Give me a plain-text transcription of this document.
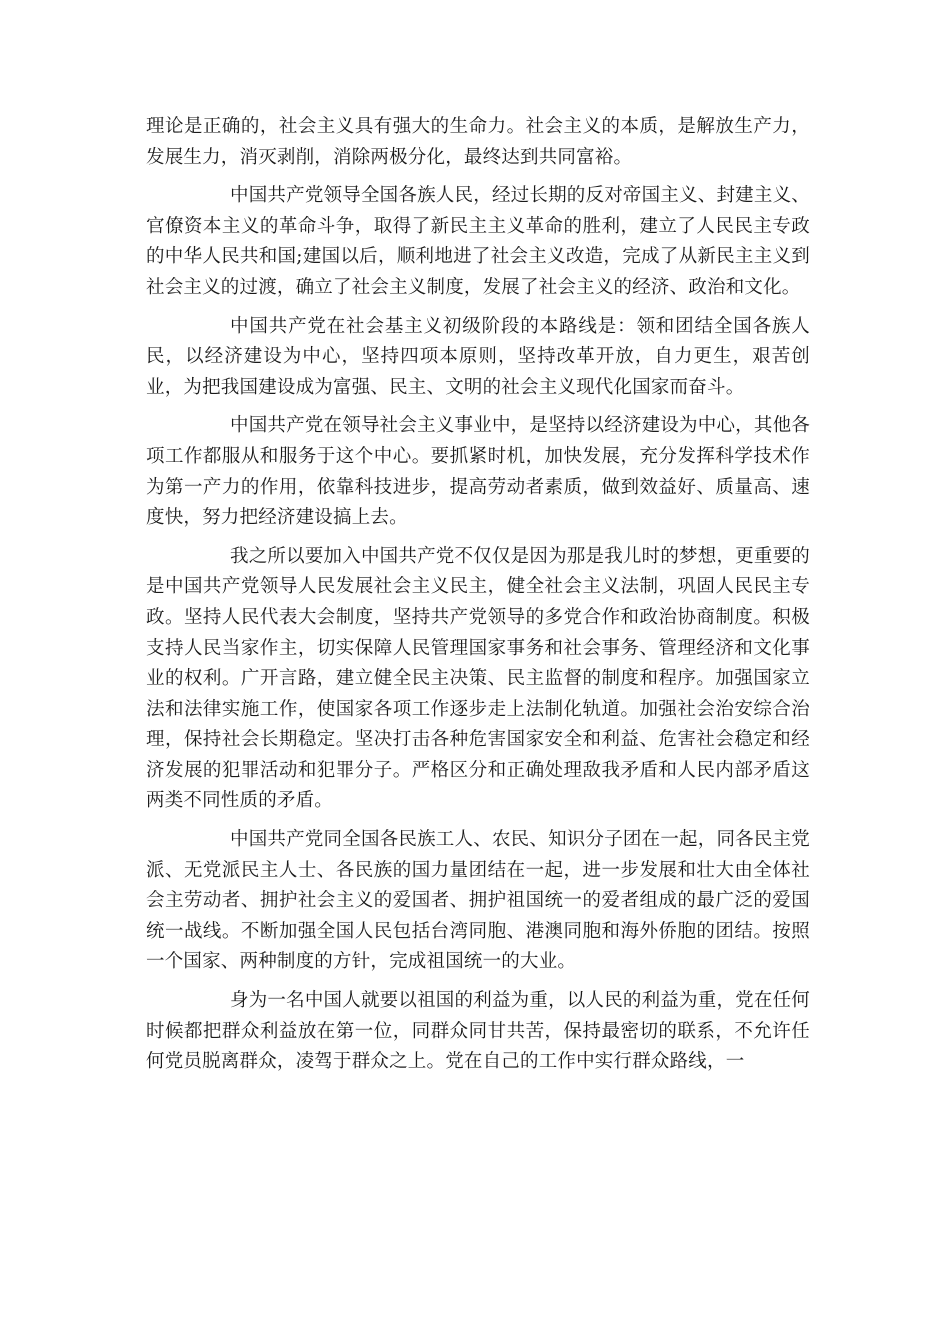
理论是正确的，社会主义具有强大的生命力。社会主义的本质，是解放生产力，发展生力，消灭剥削，消除两极分化，最终达到共同富裕。

中国共产党领导全国各族人民，经过长期的反对帝国主义、封建主义、官僚资本主义的革命斗争，取得了新民主主义革命的胜利，建立了人民民主专政的中华人民共和国;建国以后，顺利地进了社会主义改造，完成了从新民主主义到社会主义的过渡，确立了社会主义制度，发展了社会主义的经济、政治和文化。

中国共产党在社会基主义初级阶段的本路线是：领和团结全国各族人民，以经济建设为中心，坚持四项本原则，坚持改革开放，自力更生，艰苦创业，为把我国建设成为富强、民主、文明的社会主义现代化国家而奋斗。

中国共产党在领导社会主义事业中，是坚持以经济建设为中心，其他各项工作都服从和服务于这个中心。要抓紧时机，加快发展，充分发挥科学技术作为第一产力的作用，依靠科技进步，提高劳动者素质，做到效益好、质量高、速度快，努力把经济建设搞上去。

我之所以要加入中国共产党不仅仅是因为那是我儿时的梦想，更重要的是中国共产党领导人民发展社会主义民主，健全社会主义法制，巩固人民民主专政。坚持人民代表大会制度，坚持共产党领导的多党合作和政治协商制度。积极支持人民当家作主，切实保障人民管理国家事务和社会事务、管理经济和文化事业的权利。广开言路，建立健全民主决策、民主监督的制度和程序。加强国家立法和法律实施工作，使国家各项工作逐步走上法制化轨道。加强社会治安综合治理，保持社会长期稳定。坚决打击各种危害国家安全和利益、危害社会稳定和经济发展的犯罪活动和犯罪分子。严格区分和正确处理敌我矛盾和人民内部矛盾这两类不同性质的矛盾。

中国共产党同全国各民族工人、农民、知识分子团在一起，同各民主党派、无党派民主人士、各民族的国力量团结在一起，进一步发展和壮大由全体社会主劳动者、拥护社会主义的爱国者、拥护祖国统一的爱者组成的最广泛的爱国统一战线。不断加强全国人民包括台湾同胞、港澳同胞和海外侨胞的团结。按照一个国家、两种制度的方针，完成祖国统一的大业。

身为一名中国人就要以祖国的利益为重，以人民的利益为重，党在任何时候都把群众利益放在第一位，同群众同甘共苦，保持最密切的联系，不允许任何党员脱离群众，凌驾于群众之上。党在自己的工作中实行群众路线，一
